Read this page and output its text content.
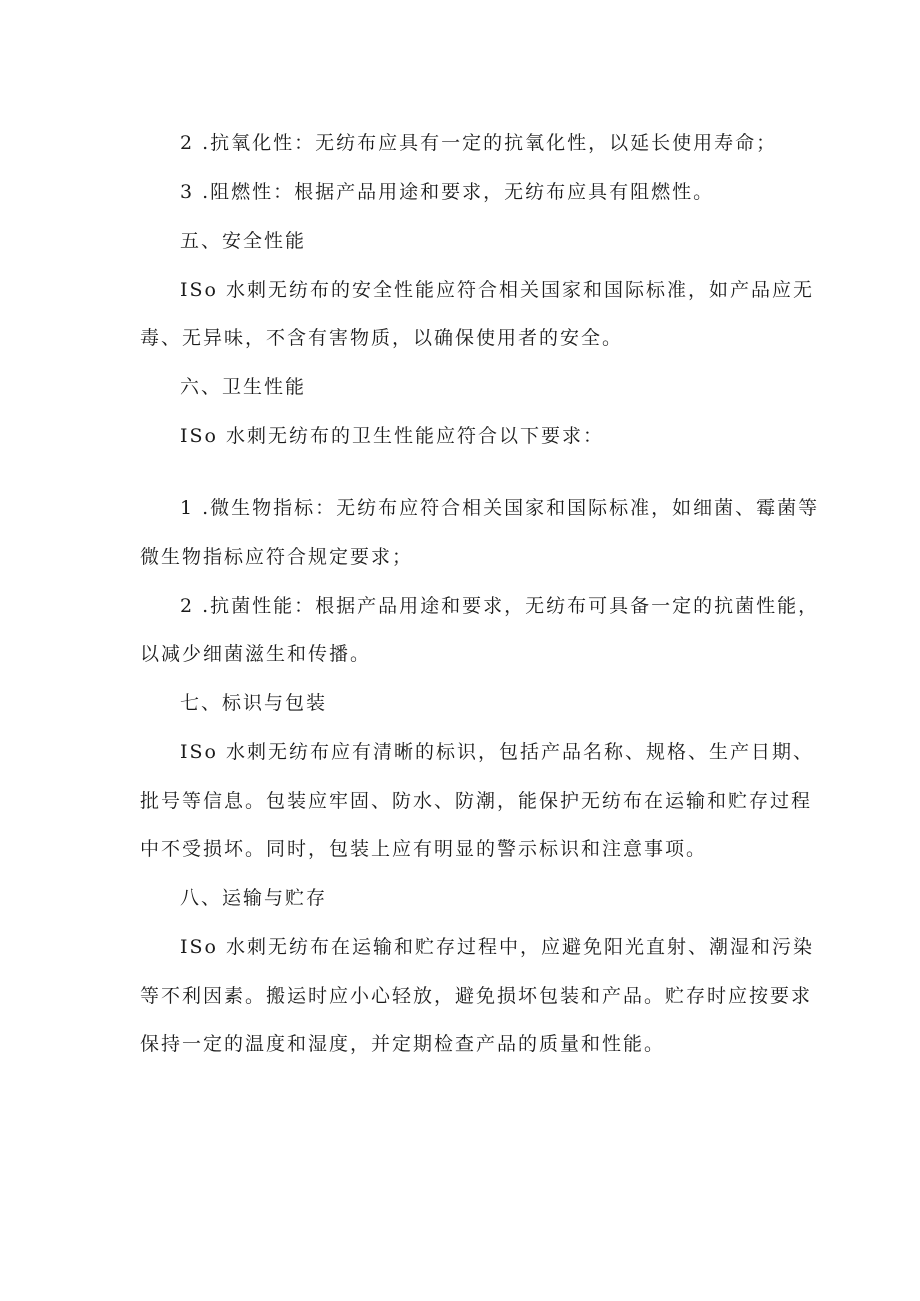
2 .抗氧化性：无纺布应具有一定的抗氧化性，以延长使用寿命；
3 .阻燃性：根据产品用途和要求，无纺布应具有阻燃性。
五、安全性能
ISo 水刺无纺布的安全性能应符合相关国家和国际标准，如产品应无
毒、无异味，不含有害物质，以确保使用者的安全。
六、卫生性能
ISo 水刺无纺布的卫生性能应符合以下要求：
1 .微生物指标：无纺布应符合相关国家和国际标准，如细菌、霉菌等
微生物指标应符合规定要求；
2 .抗菌性能：根据产品用途和要求，无纺布可具备一定的抗菌性能，
以减少细菌滋生和传播。
七、标识与包装
ISo 水刺无纺布应有清晰的标识，包括产品名称、规格、生产日期、
批号等信息。包装应牢固、防水、防潮，能保护无纺布在运输和贮存过程
中不受损坏。同时，包装上应有明显的警示标识和注意事项。
八、运输与贮存
ISo 水刺无纺布在运输和贮存过程中，应避免阳光直射、潮湿和污染
等不利因素。搬运时应小心轻放，避免损坏包装和产品。贮存时应按要求
保持一定的温度和湿度，并定期检查产品的质量和性能。
